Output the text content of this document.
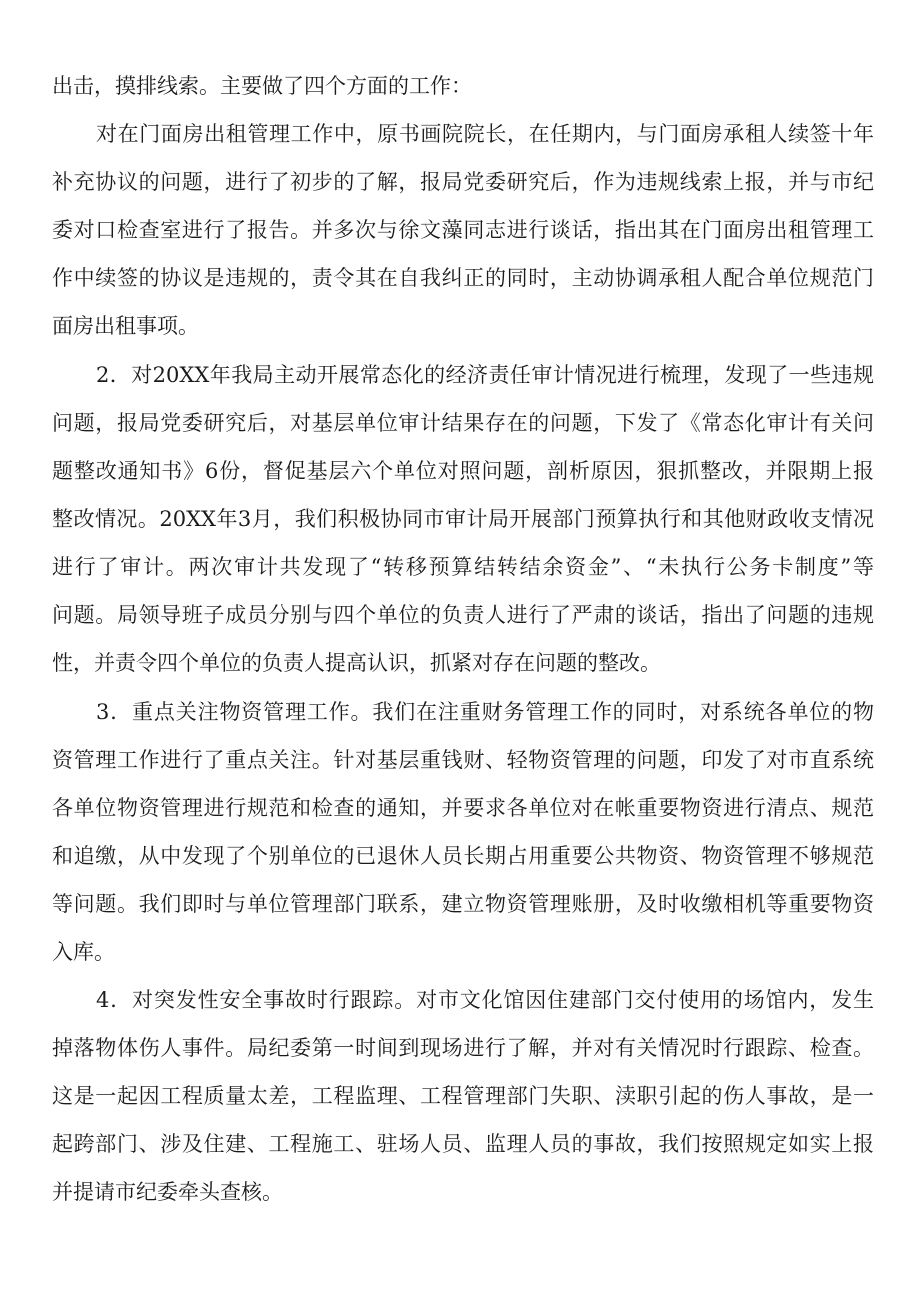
出击，摸排线索。主要做了四个方面的工作：
对在门面房出租管理工作中，原书画院院长，在任期内，与门面房承租人续签十年
补充协议的问题，进行了初步的了解，报局党委研究后，作为违规线索上报，并与市纪
委对口检查室进行了报告。并多次与徐文藻同志进行谈话，指出其在门面房出租管理工
作中续签的协议是违规的，责令其在自我纠正的同时，主动协调承租人配合单位规范门
面房出租事项。
2．对20XX年我局主动开展常态化的经济责任审计情况进行梳理，发现了一些违规
问题，报局党委研究后，对基层单位审计结果存在的问题，下发了《常态化审计有关问
题整改通知书》6份，督促基层六个单位对照问题，剖析原因，狠抓整改，并限期上报
整改情况。20XX年3月，我们积极协同市审计局开展部门预算执行和其他财政收支情况
进行了审计。两次审计共发现了“转移预算结转结余资金”、“未执行公务卡制度”等
问题。局领导班子成员分别与四个单位的负责人进行了严肃的谈话，指出了问题的违规
性，并责令四个单位的负责人提高认识，抓紧对存在问题的整改。
3．重点关注物资管理工作。我们在注重财务管理工作的同时，对系统各单位的物
资管理工作进行了重点关注。针对基层重钱财、轻物资管理的问题，印发了对市直系统
各单位物资管理进行规范和检查的通知，并要求各单位对在帐重要物资进行清点、规范
和追缴，从中发现了个别单位的已退休人员长期占用重要公共物资、物资管理不够规范
等问题。我们即时与单位管理部门联系，建立物资管理账册，及时收缴相机等重要物资
入库。
4．对突发性安全事故时行跟踪。对市文化馆因住建部门交付使用的场馆内，发生
掉落物体伤人事件。局纪委第一时间到现场进行了解，并对有关情况时行跟踪、检查。
这是一起因工程质量太差，工程监理、工程管理部门失职、渎职引起的伤人事故，是一
起跨部门、涉及住建、工程施工、驻场人员、监理人员的事故，我们按照规定如实上报
并提请市纪委牵头查核。
